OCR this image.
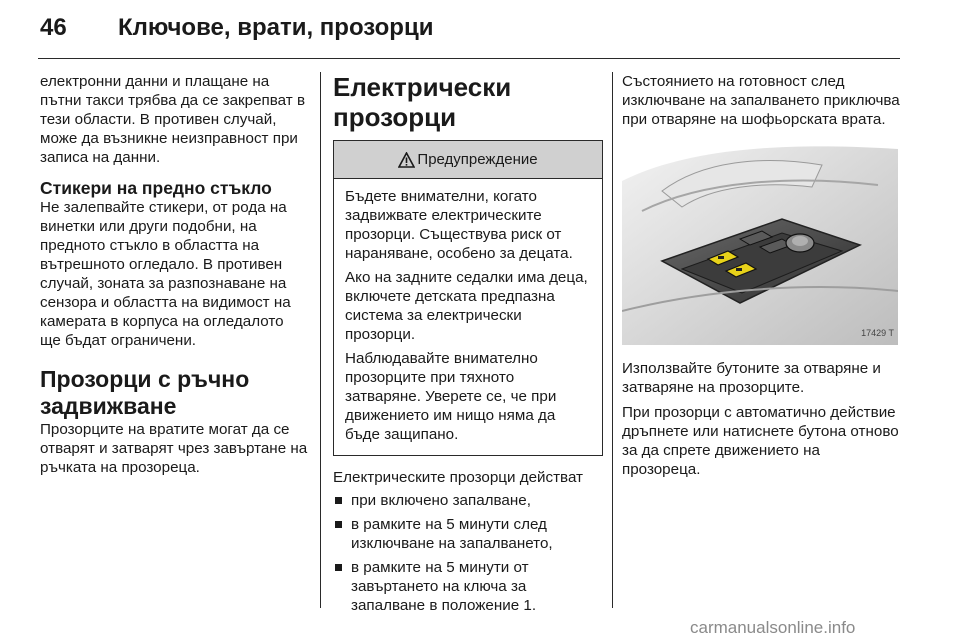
46 Ключове, врати, прозорци

електронни данни и плащане на пътни такси трябва да се закрепват в тези области. В противен случай, може да възникне неизправност при записа на данни.

Стикери на предно стъкло

Не залепвайте стикери, от рода на винетки или други подобни, на предното стъкло в областта на вътрешното огледало. В противен случай, зоната за разпознаване на сензора и областта на видимост на камерата в корпуса на огледалото ще бъдат ограничени.

Прозорци с ръчно задвижване

Прозорците на вратите могат да се отварят и затварят чрез завъртане на ръчката на прозореца.

Електрически прозорци

Предупреждение

Бъдете внимателни, когато задвижвате електрическите прозорци. Съществува риск от нараняване, особено за децата.

Ако на задните седалки има деца, включете детската предпазна система за електрически прозорци.

Наблюдавайте внимателно прозорците при тяхното затваряне. Уверете се, че при движението им нищо няма да бъде защипано.

Електрическите прозорци действат

при включено запалване,
в рамките на 5 минути след изключване на запалването,
в рамките на 5 минути от завъртането на ключа за запалване в положение 1.

Състоянието на готовност след изключване на запалването приключва при отваряне на шофьорската врата.

17429 T

Използвайте бутоните за отваряне и затваряне на прозорците.

При прозорци с автоматично действие дръпнете или натиснете бутона отново за да спрете движението на прозореца.

carmanualsonline.info
